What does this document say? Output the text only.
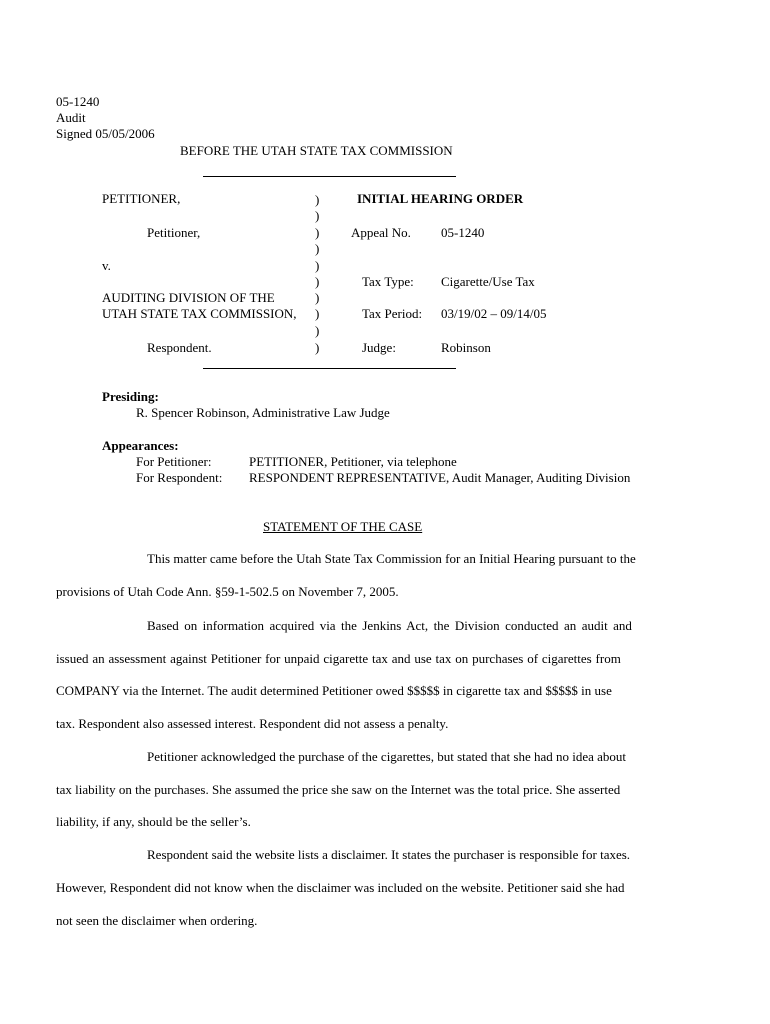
05-1240
Audit
Signed 05/05/2006
BEFORE THE UTAH STATE TAX COMMISSION
PETITIONER,
Petitioner,
v.
AUDITING DIVISION OF THE
UTAH STATE TAX COMMISSION,
Respondent.
)
)
)
)
)
)
)
)
)
)
INITIAL HEARING ORDER
Appeal No. 05-1240
Tax Type: Cigarette/Use Tax
Tax Period: 03/19/02 – 09/14/05
Judge:	Robinson
Presiding:
R. Spencer Robinson, Administrative Law Judge
Appearances:
For Petitioner:	PETITIONER, Petitioner, via telephone
For Respondent: RESPONDENT REPRESENTATIVE, Audit Manager, Auditing Division
STATEMENT OF THE CASE
This matter came before the Utah State Tax Commission for an Initial Hearing pursuant to the
provisions of Utah Code Ann. §59-1-502.5 on November 7, 2005.
Based on information acquired via the Jenkins Act, the Division conducted an audit and
issued an assessment against Petitioner for unpaid cigarette tax and use tax on purchases of cigarettes from
COMPANY via the Internet. The audit determined Petitioner owed $$$$$ in cigarette tax and $$$$$ in use
tax. Respondent also assessed interest. Respondent did not assess a penalty.
Petitioner acknowledged the purchase of the cigarettes, but stated that she had no idea about
tax liability on the purchases. She assumed the price she saw on the Internet was the total price. She asserted
liability, if any, should be the seller’s.
Respondent said the website lists a disclaimer. It states the purchaser is responsible for taxes.
However, Respondent did not know when the disclaimer was included on the website. Petitioner said she had
not seen the disclaimer when ordering.
